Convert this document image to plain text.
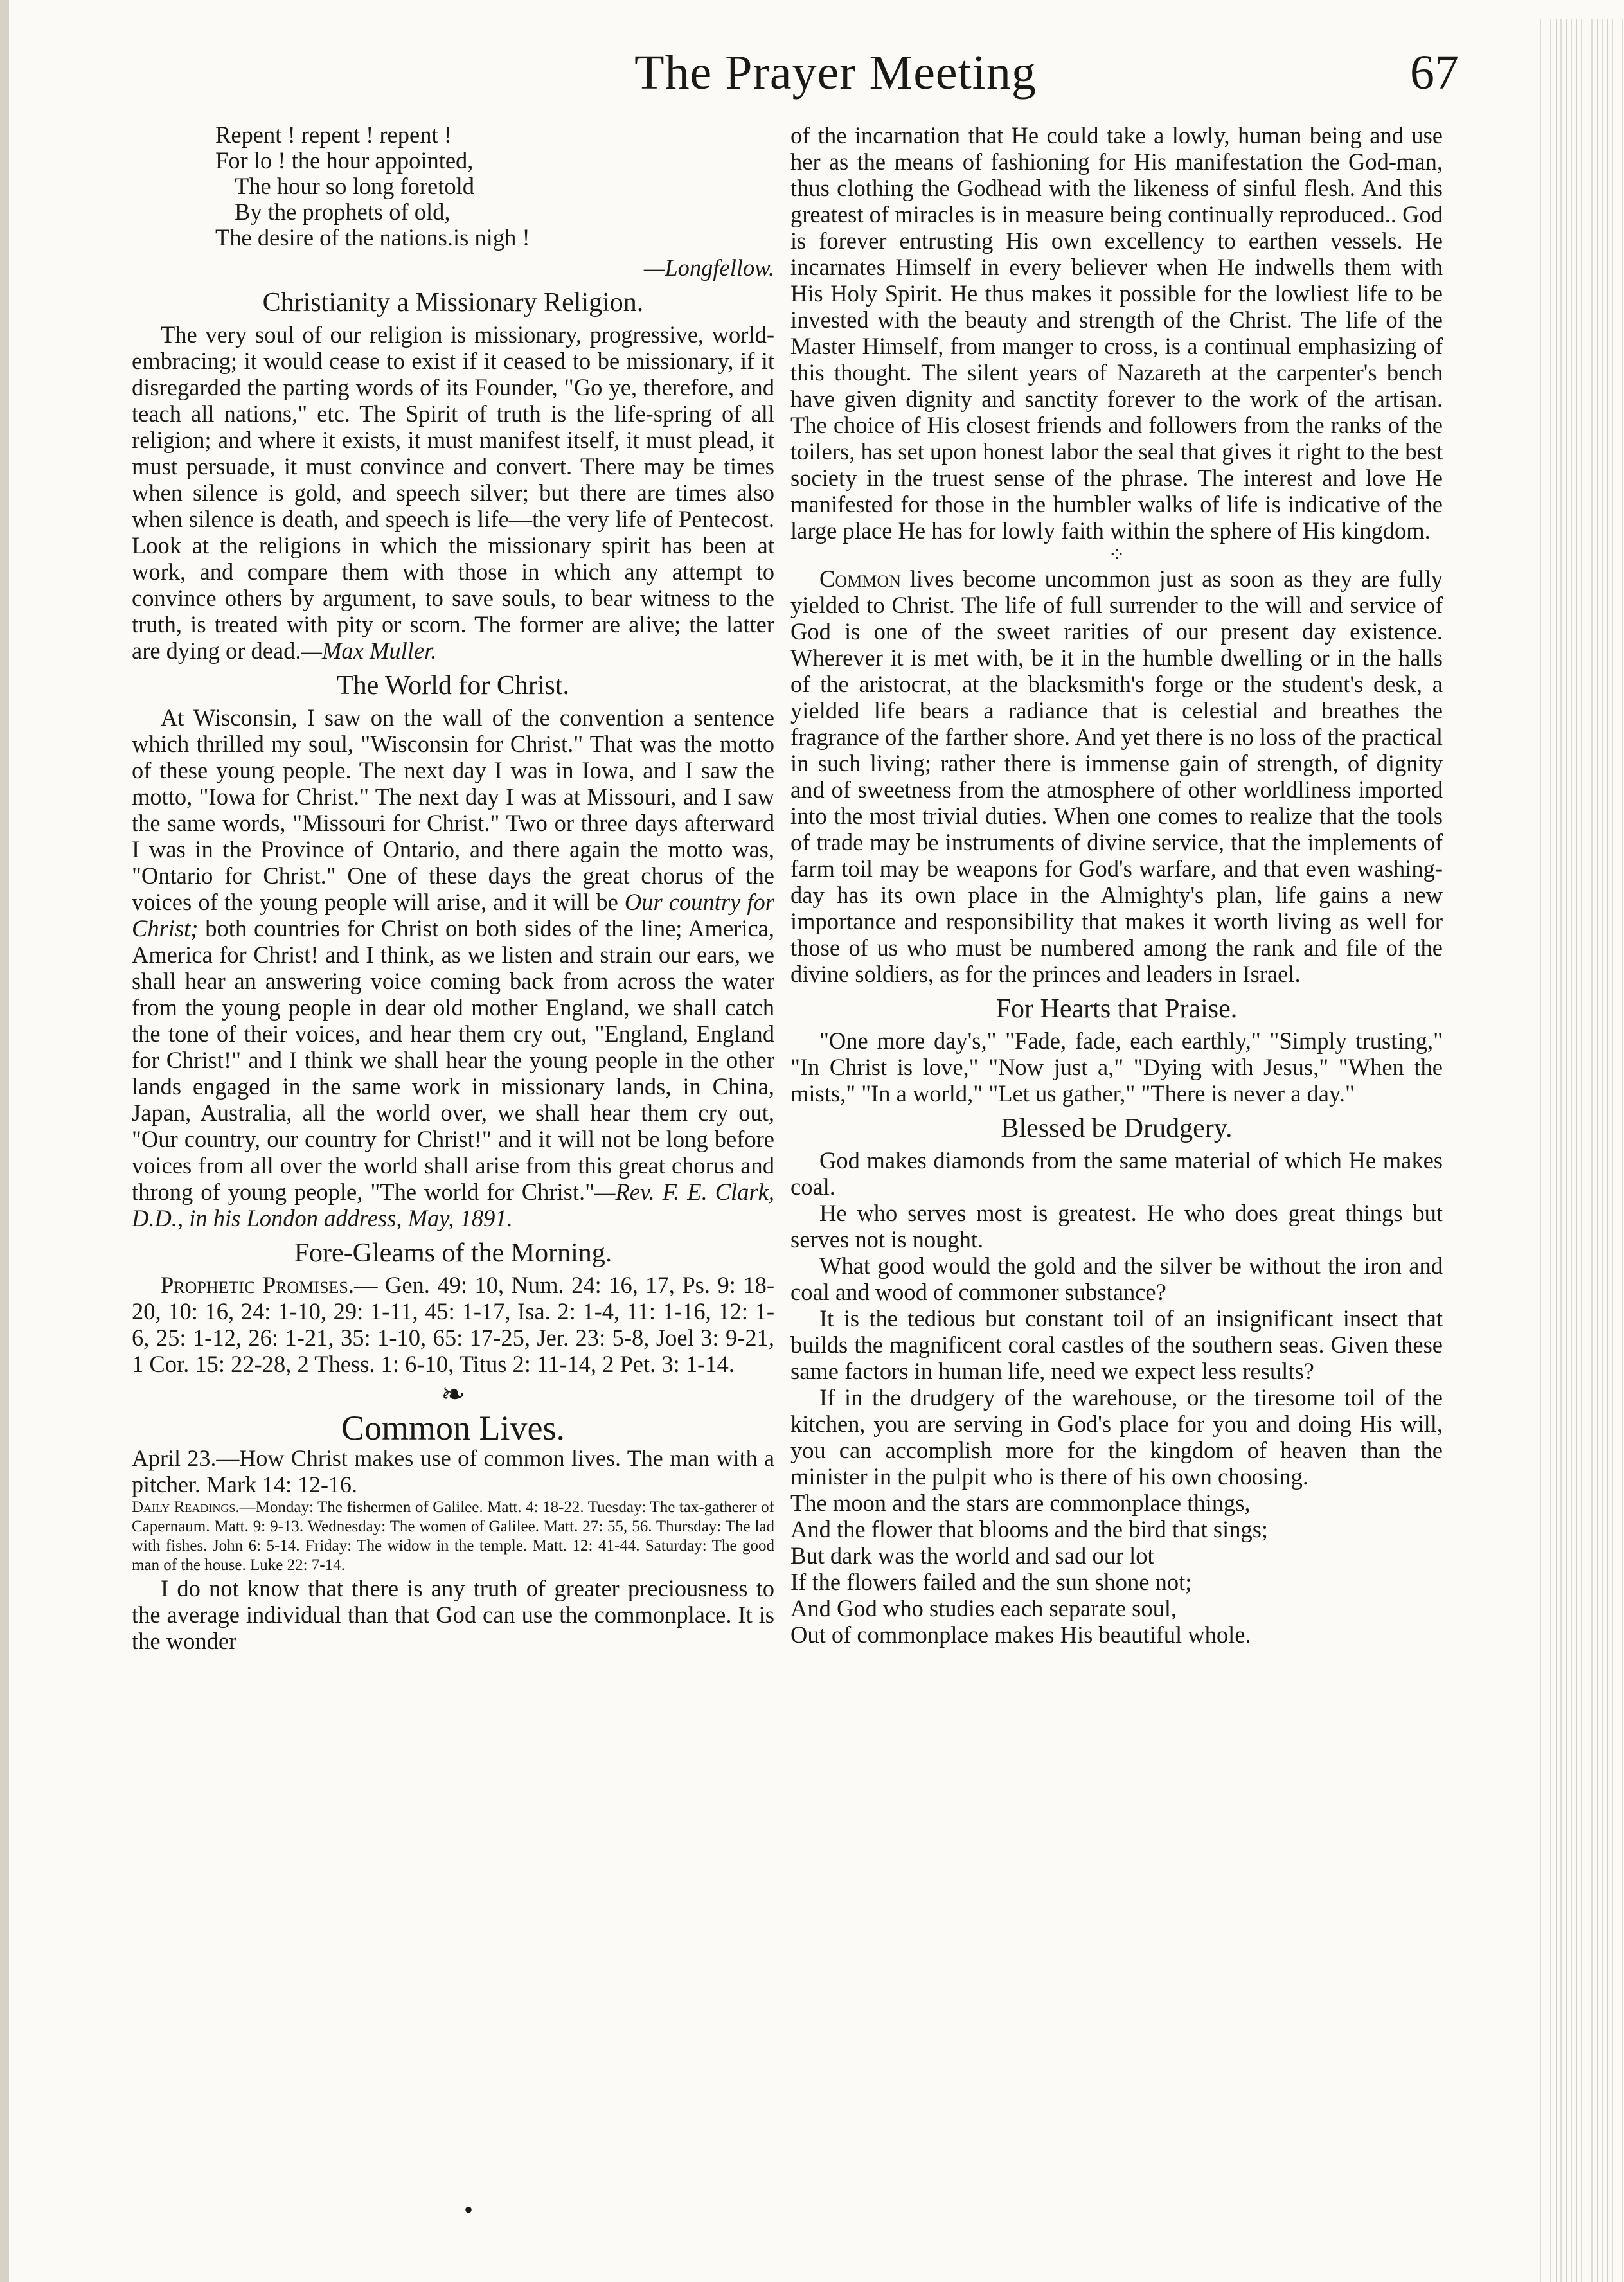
The Prayer Meeting	67
Repent ! repent ! repent !
For lo ! the hour appointed,
The hour so long foretold
By the prophets of old,
The desire of the nations.is nigh !
—Longfellow.
Christianity a Missionary Religion.

The very soul of our religion is missionary, progressive, world-embracing; it would cease to exist if it ceased to be missionary, if it disregarded the parting words of its Founder, "Go ye, therefore, and teach all nations," etc. The Spirit of truth is the life-spring of all religion; and where it exists, it must manifest itself, it must plead, it must persuade, it must convince and convert. There may be times when silence is gold, and speech silver; but there are times also when silence is death, and speech is life—the very life of Pentecost. Look at the religions in which the missionary spirit has been at work, and compare them with those in which any attempt to convince others by argument, to save souls, to bear witness to the truth, is treated with pity or scorn. The former are alive; the latter are dying or dead.—Max Muller.

The World for Christ.

At Wisconsin, I saw on the wall of the convention a sentence which thrilled my soul, "Wisconsin for Christ." That was the motto of these young people. The next day I was in Iowa, and I saw the motto, "Iowa for Christ." The next day I was at Missouri, and I saw the same words, "Missouri for Christ." Two or three days afterward I was in the Province of Ontario, and there again the motto was, "Ontario for Christ." One of these days the great chorus of the voices of the young people will arise, and it will be Our country for Christ; both countries for Christ on both sides of the line; America, America for Christ! and I think, as we listen and strain our ears, we shall hear an answering voice coming back from across the water from the young people in dear old mother England, we shall catch the tone of their voices, and hear them cry out, "England, England for Christ!" and I think we shall hear the young people in the other lands engaged in the same work in missionary lands, in China, Japan, Australia, all the world over, we shall hear them cry out, "Our country, our country for Christ!" and it will not be long before voices from all over the world shall arise from this great chorus and throng of young people, "The world for Christ."—Rev. F. E. Clark, D.D., in his London address, May, 1891.

Fore-Gleams of the Morning.

Prophetic Promises.— Gen. 49: 10, Num. 24: 16, 17, Ps. 9: 18-20, 10: 16, 24: 1-10, 29: 1-11, 45: 1-17, Isa. 2: 1-4, 11: 1-16, 12: 1-6, 25: 1-12, 26: 1-21, 35: 1-10, 65: 17-25, Jer. 23: 5-8, Joel 3: 9-21, 1 Cor. 15: 22-28, 2 Thess. 1: 6-10, Titus 2: 11-14, 2 Pet. 3: 1-14.

❧
Common Lives.

April 23.—How Christ makes use of common lives. The man with a pitcher. Mark 14: 12-16.

Daily Readings.—Monday: The fishermen of Galilee. Matt. 4: 18-22. Tuesday: The tax-gatherer of Capernaum. Matt. 9: 9-13. Wednesday: The women of Galilee. Matt. 27: 55, 56. Thursday: The lad with fishes. John 6: 5-14. Friday: The widow in the temple. Matt. 12: 41-44. Saturday: The good man of the house. Luke 22: 7-14.

I do not know that there is any truth of greater preciousness to the average individual than that God can use the commonplace. It is the wonder

of the incarnation that He could take a lowly, human being and use her as the means of fashioning for His manifestation the God-man, thus clothing the Godhead with the likeness of sinful flesh. And this greatest of miracles is in measure being continually reproduced.. God is forever entrusting His own excellency to earthen vessels. He incarnates Himself in every believer when He indwells them with His Holy Spirit. He thus makes it possible for the lowliest life to be invested with the beauty and strength of the Christ. The life of the Master Himself, from manger to cross, is a continual emphasizing of this thought. The silent years of Nazareth at the carpenter's bench have given dignity and sanctity forever to the work of the artisan. The choice of His closest friends and followers from the ranks of the toilers, has set upon honest labor the seal that gives it right to the best society in the truest sense of the phrase. The interest and love He manifested for those in the humbler walks of life is indicative of the large place He has for lowly faith within the sphere of His kingdom.

⁘

Common lives become uncommon just as soon as they are fully yielded to Christ. The life of full surrender to the will and service of God is one of the sweet rarities of our present day existence. Wherever it is met with, be it in the humble dwelling or in the halls of the aristocrat, at the blacksmith's forge or the student's desk, a yielded life bears a radiance that is celestial and breathes the fragrance of the farther shore. And yet there is no loss of the practical in such living; rather there is immense gain of strength, of dignity and of sweetness from the atmosphere of other worldliness imported into the most trivial duties. When one comes to realize that the tools of trade may be instruments of divine service, that the implements of farm toil may be weapons for God's warfare, and that even washing-day has its own place in the Almighty's plan, life gains a new importance and responsibility that makes it worth living as well for those of us who must be numbered among the rank and file of the divine soldiers, as for the princes and leaders in Israel.

For Hearts that Praise.

"One more day's," "Fade, fade, each earthly," "Simply trusting," "In Christ is love," "Now just a," "Dying with Jesus," "When the mists," "In a world," "Let us gather," "There is never a day."

Blessed be Drudgery.

God makes diamonds from the same material of which He makes coal.

He who serves most is greatest. He who does great things but serves not is nought.

What good would the gold and the silver be without the iron and coal and wood of commoner substance?

It is the tedious but constant toil of an insignificant insect that builds the magnificent coral castles of the southern seas. Given these same factors in human life, need we expect less results?

If in the drudgery of the warehouse, or the tiresome toil of the kitchen, you are serving in God's place for you and doing His will, you can accomplish more for the kingdom of heaven than the minister in the pulpit who is there of his own choosing.

The moon and the stars are commonplace things,
And the flower that blooms and the bird that sings;
But dark was the world and sad our lot
If the flowers failed and the sun shone not;
And God who studies each separate soul,
Out of commonplace makes His beautiful whole.
•
